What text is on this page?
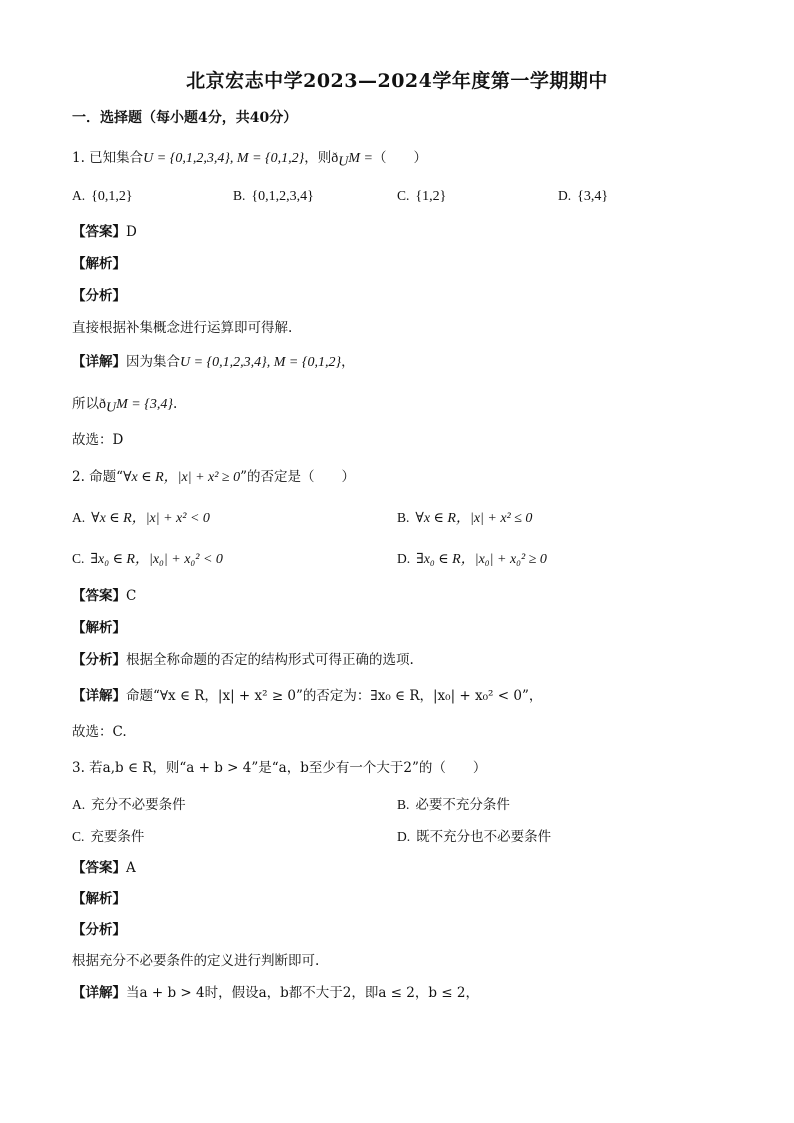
北京宏志中学2023—2024学年度第一学期期中
一．选择题（每小题4分，共40分）
1. 已知集合U = {0,1,2,3,4}, M = {0,1,2}，则$ð_UM$ =（　　）
A. {0,1,2}	B. {0,1,2,3,4}	C. {1,2}	D. {3,4}
【答案】D
【解析】
【分析】
直接根据补集概念进行运算即可得解.
【详解】因为集合U = {0,1,2,3,4}, M = {0,1,2}，
所以$ð_UM = \{3,4\}$.
故选：D
2. 命题“∀x ∈ R，|x| + x² ≥ 0”的否定是（　　）
A. ∀x ∈ R，|x| + x² < 0	B. ∀x ∈ R，|x| + x² ≤ 0
C. ∃x₀ ∈ R，|x₀| + x₀² < 0	D. ∃x₀ ∈ R，|x₀| + x₀² ≥ 0
【答案】C
【解析】
【分析】根据全称命题的否定的结构形式可得正确的选项.
【详解】命题“∀x ∈ R，|x| + x² ≥ 0”的否定为：∃x₀ ∈ R，|x₀| + x₀² < 0”，
故选：C.
3. 若a,b ∈ R，则“a + b > 4”是“a，b至少有一个大于2”的（　　）
A. 充分不必要条件	B. 必要不充分条件
C. 充要条件	D. 既不充分也不必要条件
【答案】A
【解析】
【分析】
根据充分不必要条件的定义进行判断即可.
【详解】当a + b > 4时，假设a，b都不大于2，即a ≤ 2，b ≤ 2，
